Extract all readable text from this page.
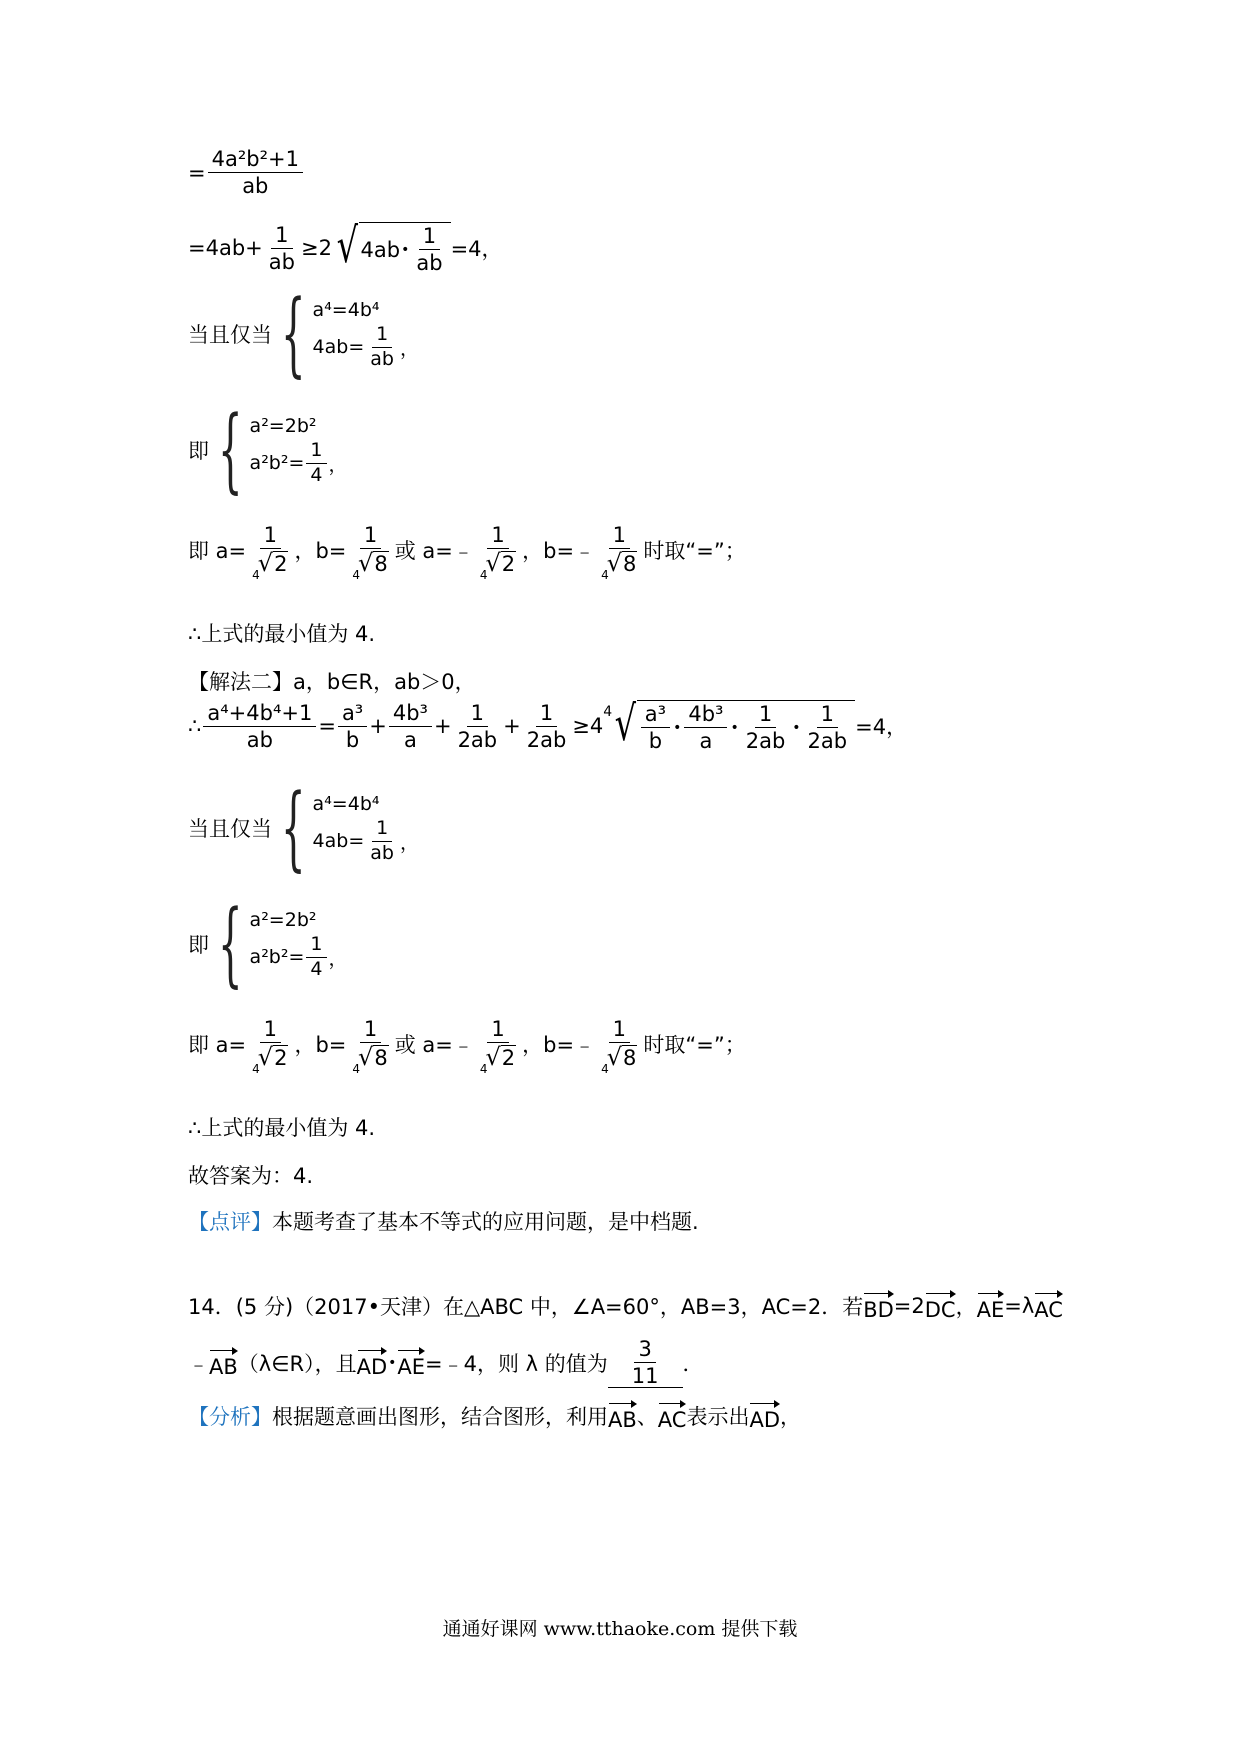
= $\frac{\text{4a²b²+1}}{ab}$
$=4ab+ \frac{1}{ab} \ge 2$ √ 4ab • $\frac{1}{ab} =4$，
当且仅当 { a⁴=4b⁴
$4ab= \frac{1}{ab}$ ，
即 { a²=2b²
$a^2b^2= \frac{1}{4}$ ，
即 $a= \frac{1}{_4√2}$ ，$b= \frac{1}{_4√8}$ 或 a=﹣ $\frac{1}{_4√2}$ ，b=﹣ $\frac{1}{_4√8}$ 时取“=”；
∴上式的最小值为 4.
【解法二】 a，b∈R，ab＞0，
∴ $\frac{\text{a⁴+4b⁴+1}}{ab} = \frac{\text{a³}}{b} + \frac{\text{4b³}}{a} + \frac{1}{2ab} + \frac{1}{2ab} \ge 4$
4 √ $\frac{\text{a³}}{b}$ • $\frac{\text{4b³}}{a}$ • $\frac{1}{2ab}$ • $\frac{1}{2ab} =4$，
当且仅当 { a⁴=4b⁴
$4ab= \frac{1}{ab}$ ，
即 { a²=2b²
$a^2b^2= \frac{1}{4}$ ，
即 $a= \frac{1}{_4√2}$ ，$b= \frac{1}{_4√8}$ 或 a=﹣ $\frac{1}{_4√2}$ ，b=﹣ $\frac{1}{_4√8}$ 时取“=”；
∴上式的最小值为 4.
故答案为：4.
【点评】 本题考查了基本不等式的应用问题，是中档题.
14．(5 分)（2017•天津）在△ABC 中，∠A=60°，AB=3，AC=2．若 BD =2 DC ， AE =λ AC
﹣ AB （λ∈R），且 AD • AE =﹣4，则 λ 的值为 $\frac{3}{11}$ ．
【分析】 根据题意画出图形，结合图形，利用 AB 、 AC 表示出 AD ，
通通好课网 www.tthaoke.com 提供下载
